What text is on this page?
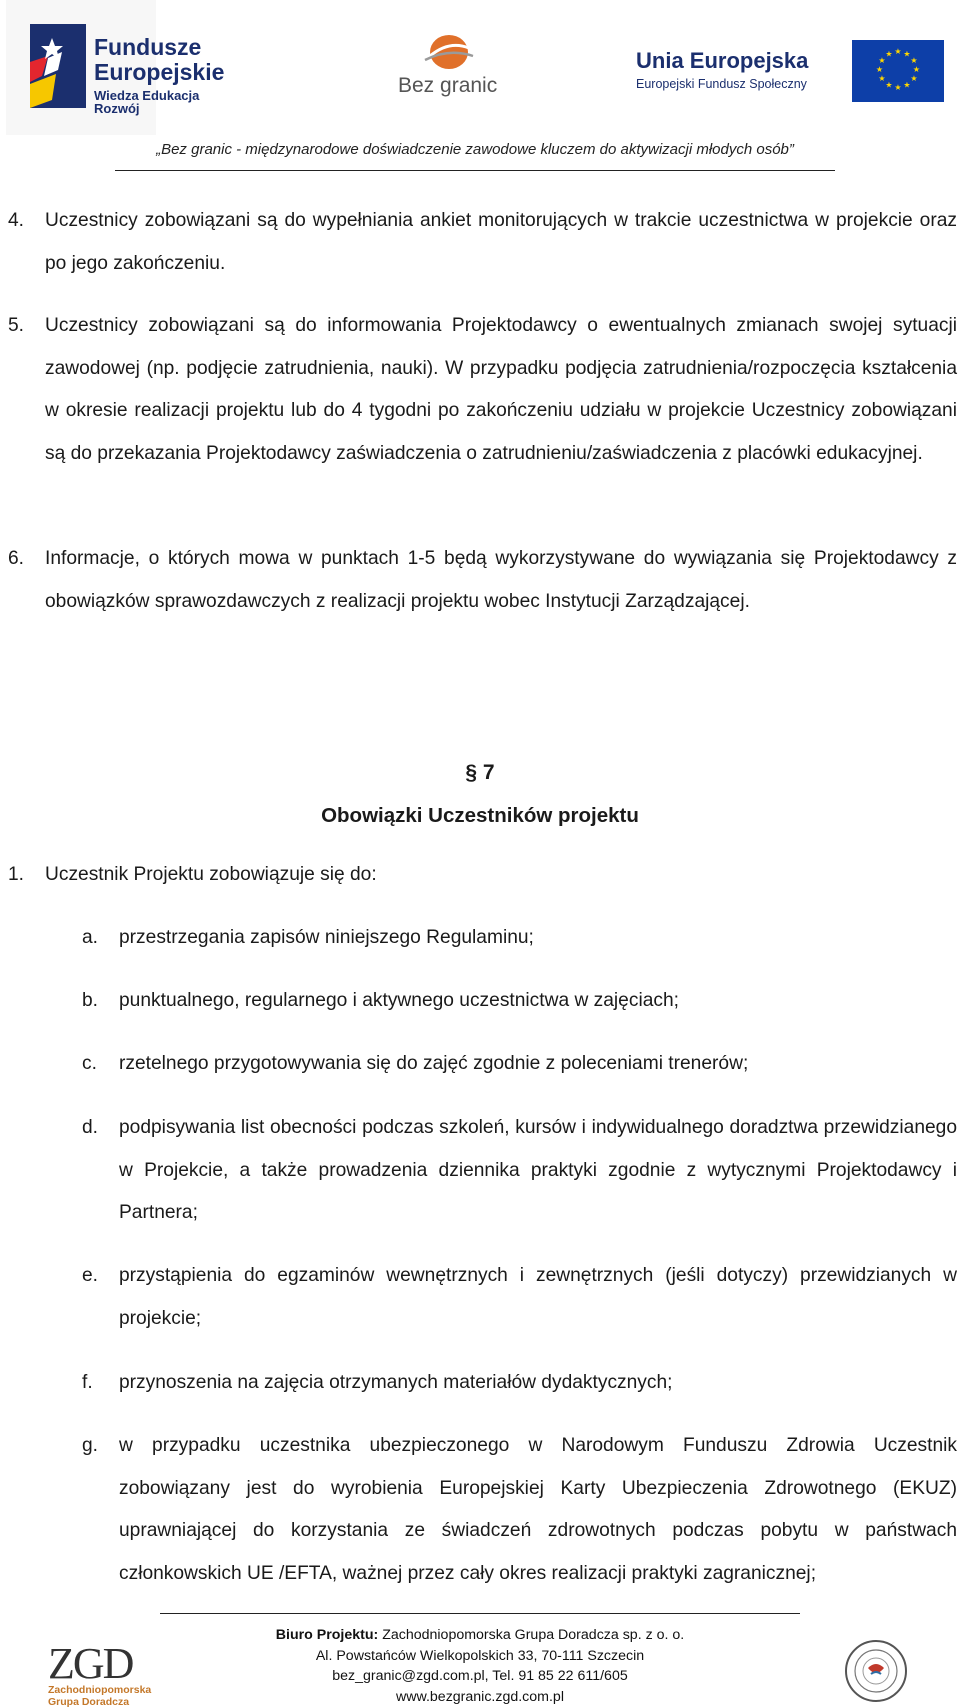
Fundusze
Europejskie
Wiedza Edukacja Rozwój
Bez granic
Unia Europejska
Europejski Fundusz Społeczny
★ ★
★
★
★
★
★
★
★
★
★
★
„Bez granic - międzynarodowe doświadczenie zawodowe kluczem do aktywizacji młodych osób”
4.	Uczestnicy zobowiązani są do wypełniania ankiet monitorujących w trakcie uczestnictwa w projekcie oraz po jego zakończeniu.
5.	Uczestnicy zobowiązani są do informowania Projektodawcy o ewentualnych zmianach swojej sytuacji zawodowej (np. podjęcie zatrudnienia, nauki). W przypadku podjęcia zatrudnienia/rozpoczęcia kształcenia w okresie realizacji projektu lub do 4 tygodni po zakończeniu udziału w projekcie Uczestnicy zobowiązani są do przekazania Projektodawcy zaświadczenia o zatrudnieniu/zaświadczenia z placówki edukacyjnej.
6.	Informacje, o których mowa w punktach 1-5 będą wykorzystywane do wywiązania się Projektodawcy z obowiązków sprawozdawczych z realizacji projektu wobec Instytucji Zarządzającej.
§ 7
Obowiązki Uczestników projektu
1.	Uczestnik Projektu zobowiązuje się do:
a.	przestrzegania zapisów niniejszego Regulaminu;
b.	punktualnego, regularnego i aktywnego uczestnictwa w zajęciach;
c.	rzetelnego przygotowywania się do zajęć zgodnie z poleceniami trenerów;
d.	podpisywania list obecności podczas szkoleń, kursów i indywidualnego doradztwa przewidzianego w Projekcie, a także prowadzenia dziennika praktyki zgodnie z wytycznymi Projektodawcy i Partnera;
e.	przystąpienia do egzaminów wewnętrznych i zewnętrznych (jeśli dotyczy) przewidzianych w projekcie;
f.	przynoszenia na zajęcia otrzymanych materiałów dydaktycznych;
g.	w przypadku uczestnika ubezpieczonego w Narodowym Funduszu Zdrowia Uczestnik zobowiązany jest do wyrobienia Europejskiej Karty Ubezpieczenia Zdrowotnego (EKUZ) uprawniającej do korzystania ze świadczeń zdrowotnych podczas pobytu w państwach członkowskich UE /EFTA, ważnej przez cały okres realizacji praktyki zagranicznej;
ZGD
Zachodniopomorska
Grupa Doradcza
Biuro Projektu: Zachodniopomorska Grupa Doradcza sp. z o. o.
Al. Powstańców Wielkopolskich 33, 70-111 Szczecin
bez_granic@zgd.com.pl, Tel. 91 85 22 611/605
www.bezgranic.zgd.com.pl
